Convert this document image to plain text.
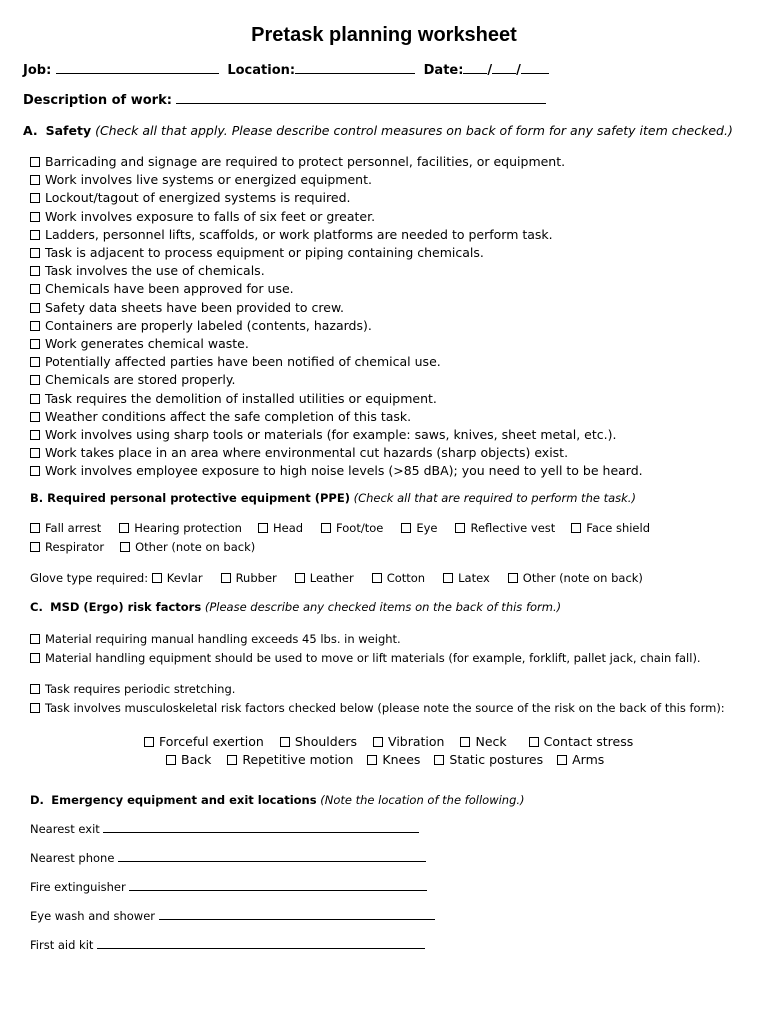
Pretask planning worksheet
Job:	Location:	Date: / /
Description of work:
A. Safety (Check all that apply. Please describe control measures on back of form for any safety item checked.)
Barricading and signage are required to protect personnel, facilities, or equipment.
Work involves live systems or energized equipment.
Lockout/tagout of energized systems is required.
Work involves exposure to falls of six feet or greater.
Ladders, personnel lifts, scaffolds, or work platforms are needed to perform task.
Task is adjacent to process equipment or piping containing chemicals.
Task involves the use of chemicals.
Chemicals have been approved for use.
Safety data sheets have been provided to crew.
Containers are properly labeled (contents, hazards).
Work generates chemical waste.
Potentially affected parties have been notified of chemical use.
Chemicals are stored properly.
Task requires the demolition of installed utilities or equipment.
Weather conditions affect the safe completion of this task.
Work involves using sharp tools or materials (for example: saws, knives, sheet metal, etc.).
Work takes place in an area where environmental cut hazards (sharp objects) exist.
Work involves employee exposure to high noise levels (>85 dBA); you need to yell to be heard.
B. Required personal protective equipment (PPE) (Check all that are required to perform the task.)
Fall arrest	Hearing protection	Head	Foot/toe	Eye	Reflective vest	Face shield
Respirator	Other (note on back)
Glove type required: Kevlar	Rubber	Leather	Cotton	Latex	Other (note on back)
C. MSD (Ergo) risk factors (Please describe any checked items on the back of this form.)
Material requiring manual handling exceeds 45 lbs. in weight.
Material handling equipment should be used to move or lift materials (for example, forklift, pallet jack, chain fall).
Task requires periodic stretching.
Task involves musculoskeletal risk factors checked below (please note the source of the risk on the back of this form):
Forceful exertion Shoulders Vibration Neck	Contact stress
Back Repetitive motion Knees Static postures Arms
D. Emergency equipment and exit locations (Note the location of the following.)
Nearest exit
Nearest phone
Fire extinguisher
Eye wash and shower
First aid kit
